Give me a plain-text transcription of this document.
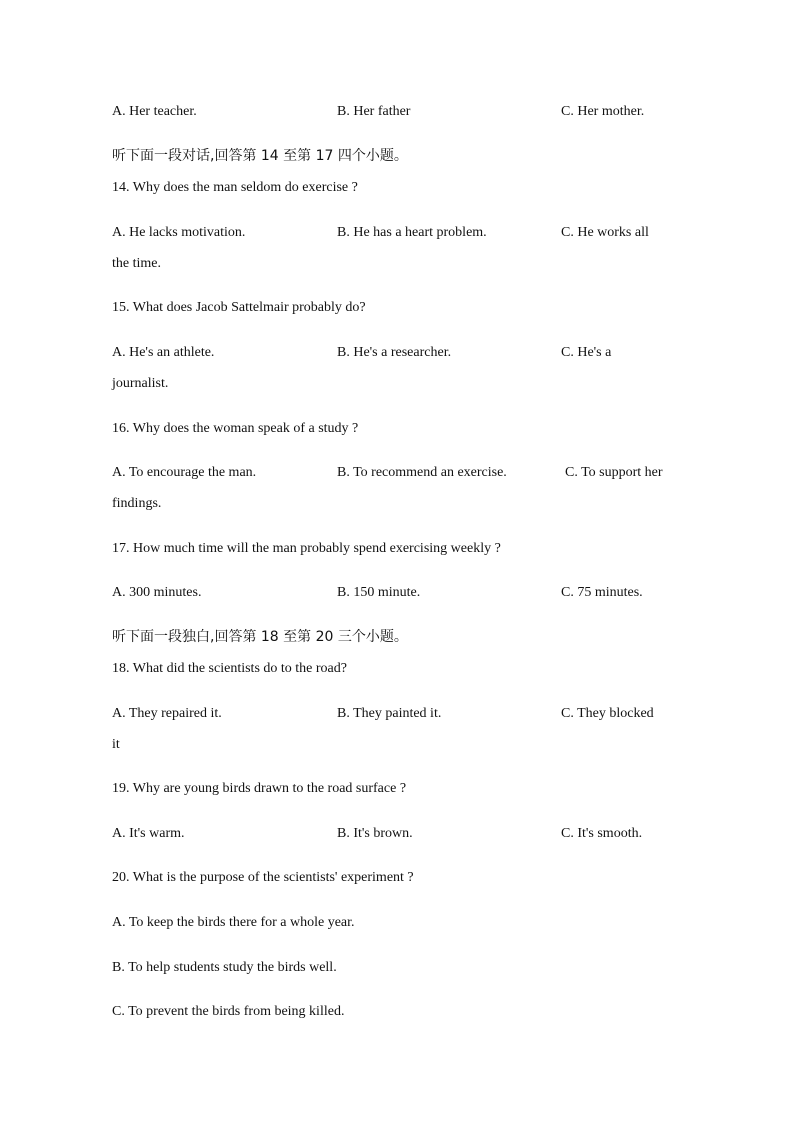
A. Her teacher.	B. Her father	C. Her mother.
听下面一段对话,回答第 14 至第 17 四个小题。
14. Why does the man seldom do exercise ?
A. He lacks motivation.	B. He has a heart problem.	C. He works all
the time.
15. What does Jacob Sattelmair probably do?
A. He's an athlete.	B. He's a researcher.	C. He's a
journalist.
16. Why does the woman speak of a study ?
A. To encourage the man.	B. To recommend an exercise.	C. To support her
findings.
17. How much time will the man probably spend exercising weekly ?
A. 300 minutes.	B. 150 minute.	C. 75 minutes.
听下面一段独白,回答第 18 至第 20 三个小题。
18. What did the scientists do to the road?
A. They repaired it.	B. They painted it.	C. They blocked
it
19. Why are young birds drawn to the road surface ?
A. It's warm.	B. It's brown.	C. It's smooth.
20. What is the purpose of the scientists' experiment ?
A. To keep the birds there for a whole year.
B. To help students study the birds well.
C. To prevent the birds from being killed.
